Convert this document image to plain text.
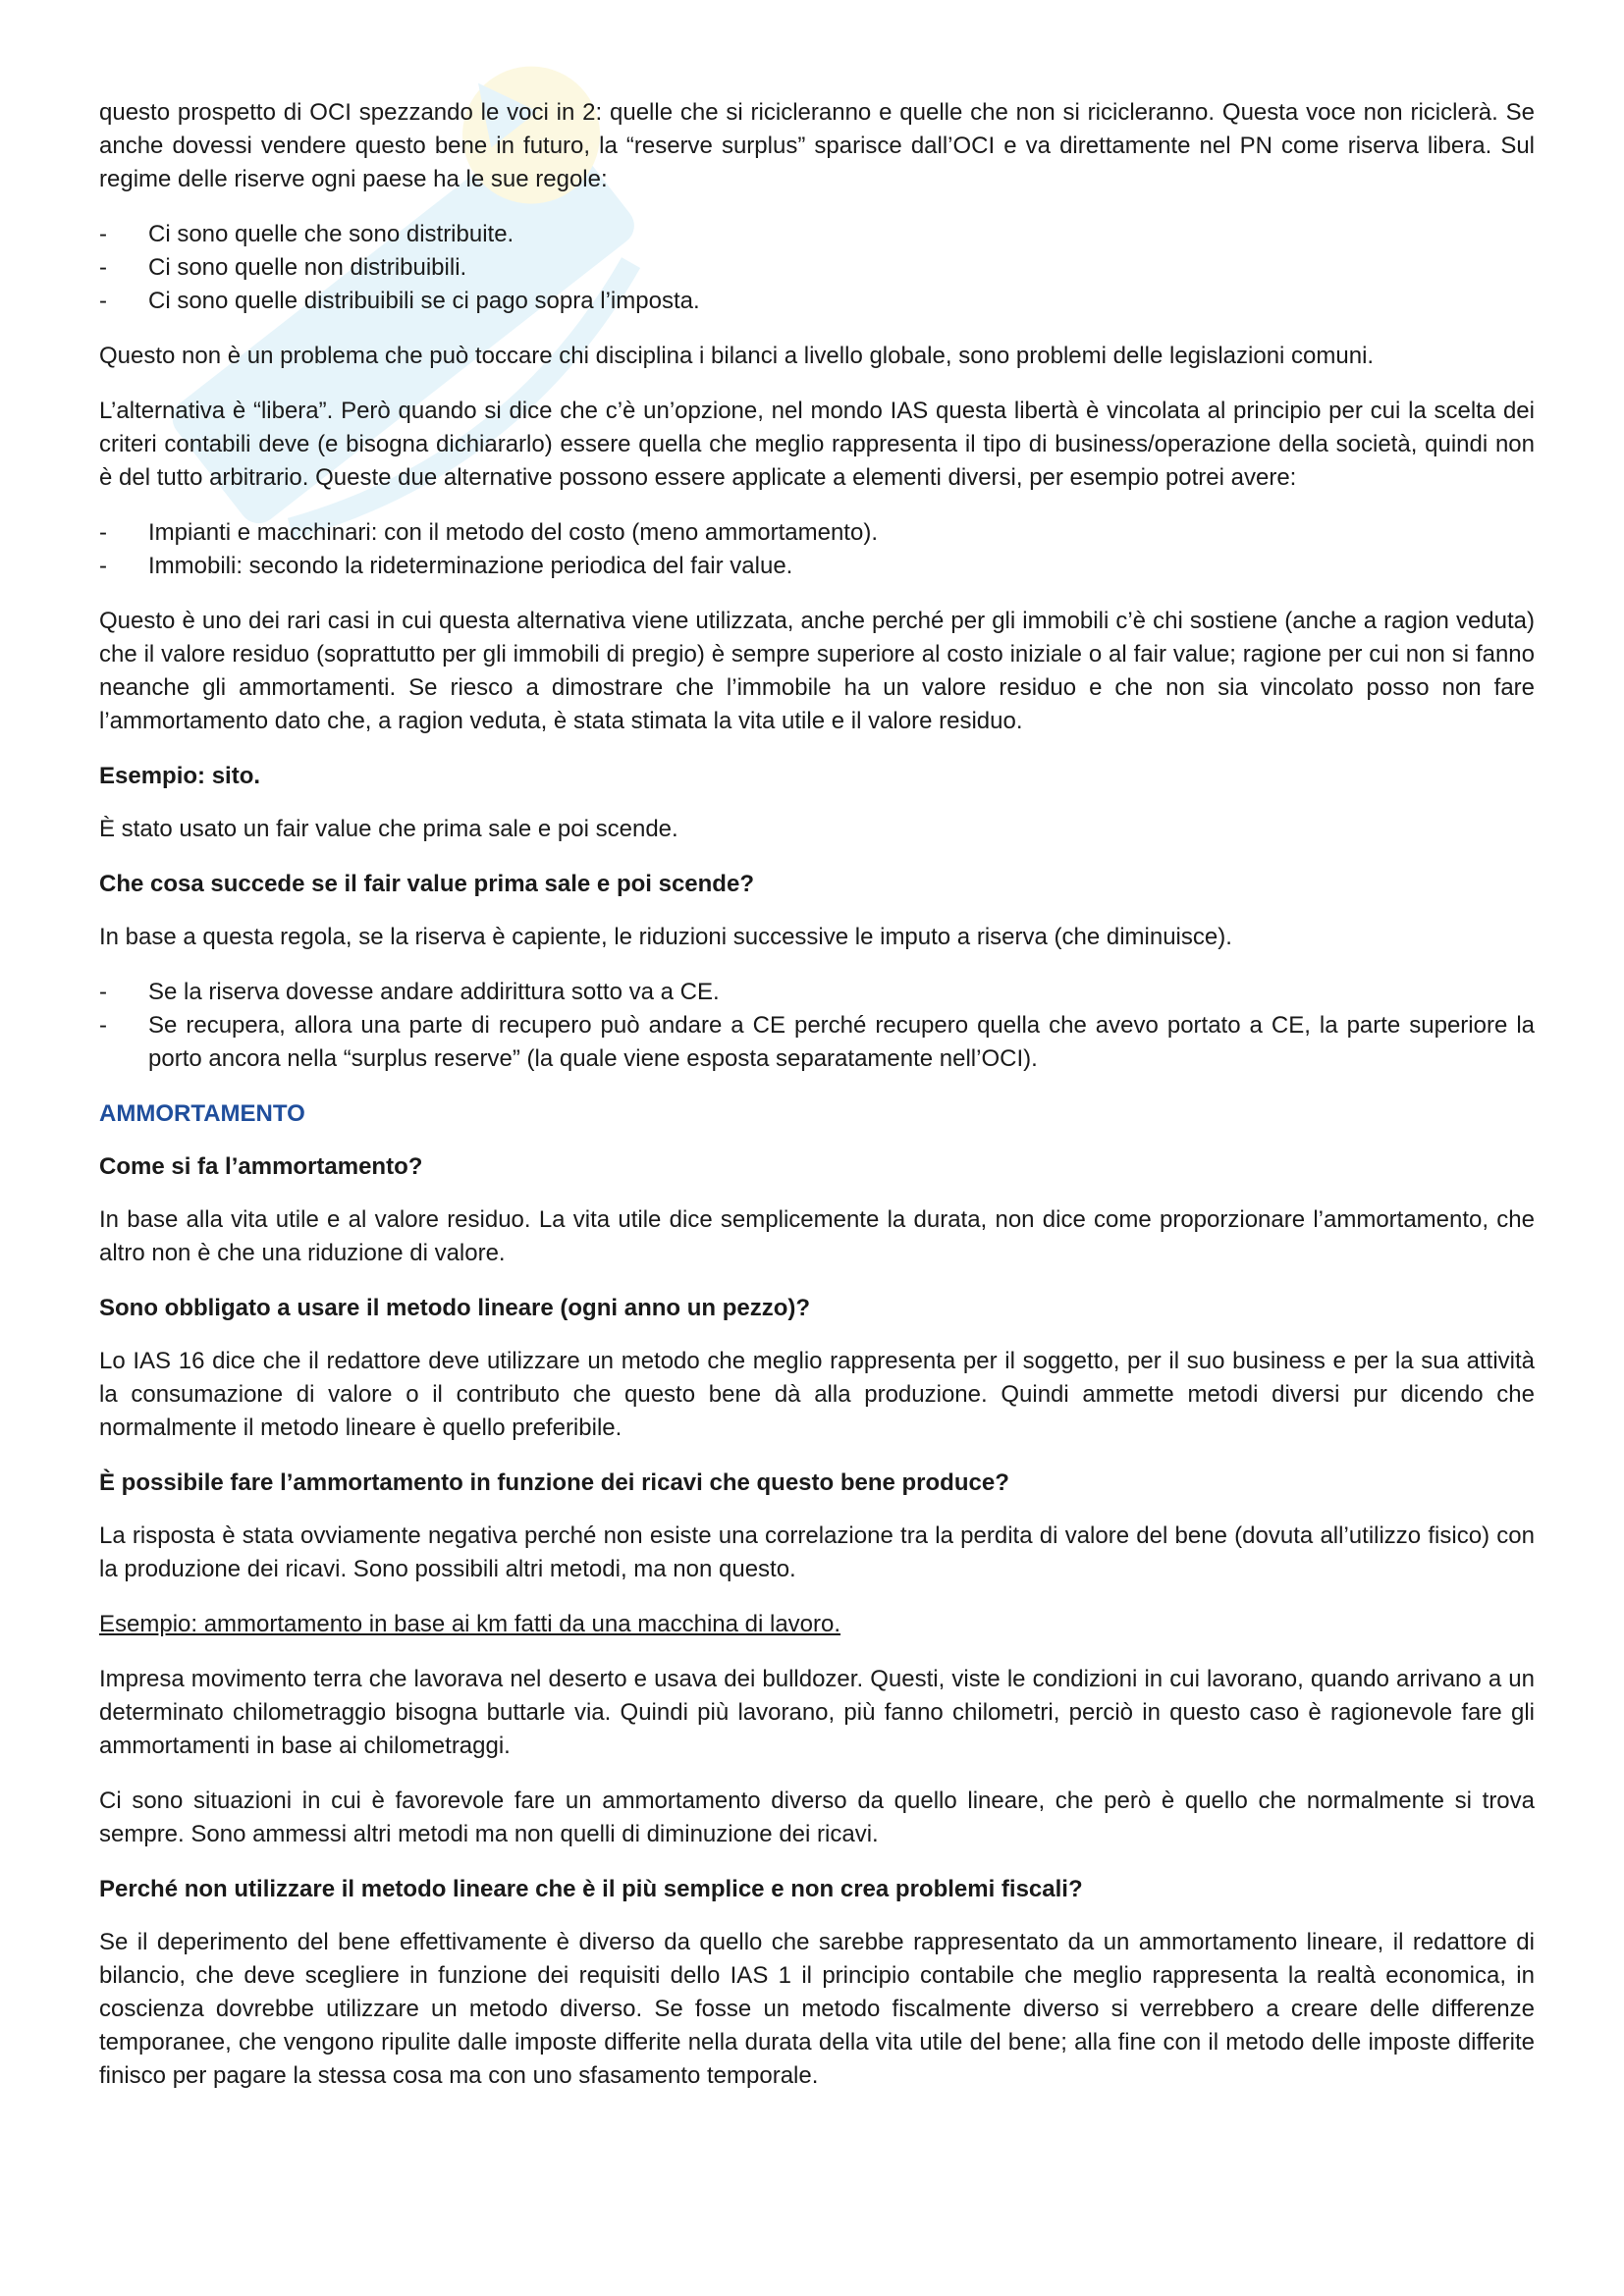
questo prospetto di OCI spezzando le voci in 2: quelle che si ricicleranno e quelle che non si ricicleranno. Questa voce non riciclerà. Se anche dovessi vendere questo bene in futuro, la “reserve surplus” sparisce dall’OCI e va direttamente nel PN come riserva libera. Sul regime delle riserve ogni paese ha le sue regole:

- Ci sono quelle che sono distribuite.
- Ci sono quelle non distribuibili.
- Ci sono quelle distribuibili se ci pago sopra l’imposta.

Questo non è un problema che può toccare chi disciplina i bilanci a livello globale, sono problemi delle legislazioni comuni.

L’alternativa è “libera”. Però quando si dice che c’è un’opzione, nel mondo IAS questa libertà è vincolata al principio per cui la scelta dei criteri contabili deve (e bisogna dichiararlo) essere quella che meglio rappresenta il tipo di business/operazione della società, quindi non è del tutto arbitrario. Queste due alternative possono essere applicate a elementi diversi, per esempio potrei avere:

- Impianti e macchinari: con il metodo del costo (meno ammortamento).
- Immobili: secondo la rideterminazione periodica del fair value.

Questo è uno dei rari casi in cui questa alternativa viene utilizzata, anche perché per gli immobili c’è chi sostiene (anche a ragion veduta) che il valore residuo (soprattutto per gli immobili di pregio) è sempre superiore al costo iniziale o al fair value; ragione per cui non si fanno neanche gli ammortamenti. Se riesco a dimostrare che l’immobile ha un valore residuo e che non sia vincolato posso non fare l’ammortamento dato che, a ragion veduta, è stata stimata la vita utile e il valore residuo.

Esempio: sito.

È stato usato un fair value che prima sale e poi scende.

Che cosa succede se il fair value prima sale e poi scende?

In base a questa regola, se la riserva è capiente, le riduzioni successive le imputo a riserva (che diminuisce).

- Se la riserva dovesse andare addirittura sotto va a CE.
- Se recupera, allora una parte di recupero può andare a CE perché recupero quella che avevo portato a CE, la parte superiore la porto ancora nella “surplus reserve” (la quale viene esposta separatamente nell’OCI).

AMMORTAMENTO

Come si fa l’ammortamento?

In base alla vita utile e al valore residuo. La vita utile dice semplicemente la durata, non dice come proporzionare l’ammortamento, che altro non è che una riduzione di valore.

Sono obbligato a usare il metodo lineare (ogni anno un pezzo)?

Lo IAS 16 dice che il redattore deve utilizzare un metodo che meglio rappresenta per il soggetto, per il suo business e per la sua attività la consumazione di valore o il contributo che questo bene dà alla produzione. Quindi ammette metodi diversi pur dicendo che normalmente il metodo lineare è quello preferibile.

È possibile fare l’ammortamento in funzione dei ricavi che questo bene produce?

La risposta è stata ovviamente negativa perché non esiste una correlazione tra la perdita di valore del bene (dovuta all’utilizzo fisico) con la produzione dei ricavi. Sono possibili altri metodi, ma non questo.

Esempio: ammortamento in base ai km fatti da una macchina di lavoro.

Impresa movimento terra che lavorava nel deserto e usava dei bulldozer. Questi, viste le condizioni in cui lavorano, quando arrivano a un determinato chilometraggio bisogna buttarle via. Quindi più lavorano, più fanno chilometri, perciò in questo caso è ragionevole fare gli ammortamenti in base ai chilometraggi.

Ci sono situazioni in cui è favorevole fare un ammortamento diverso da quello lineare, che però è quello che normalmente si trova sempre. Sono ammessi altri metodi ma non quelli di diminuzione dei ricavi.

Perché non utilizzare il metodo lineare che è il più semplice e non crea problemi fiscali?

Se il deperimento del bene effettivamente è diverso da quello che sarebbe rappresentato da un ammortamento lineare, il redattore di bilancio, che deve scegliere in funzione dei requisiti dello IAS 1 il principio contabile che meglio rappresenta la realtà economica, in coscienza dovrebbe utilizzare un metodo diverso. Se fosse un metodo fiscalmente diverso si verrebbero a creare delle differenze temporanee, che vengono ripulite dalle imposte differite nella durata della vita utile del bene; alla fine con il metodo delle imposte differite finisco per pagare la stessa cosa ma con uno sfasamento temporale.
